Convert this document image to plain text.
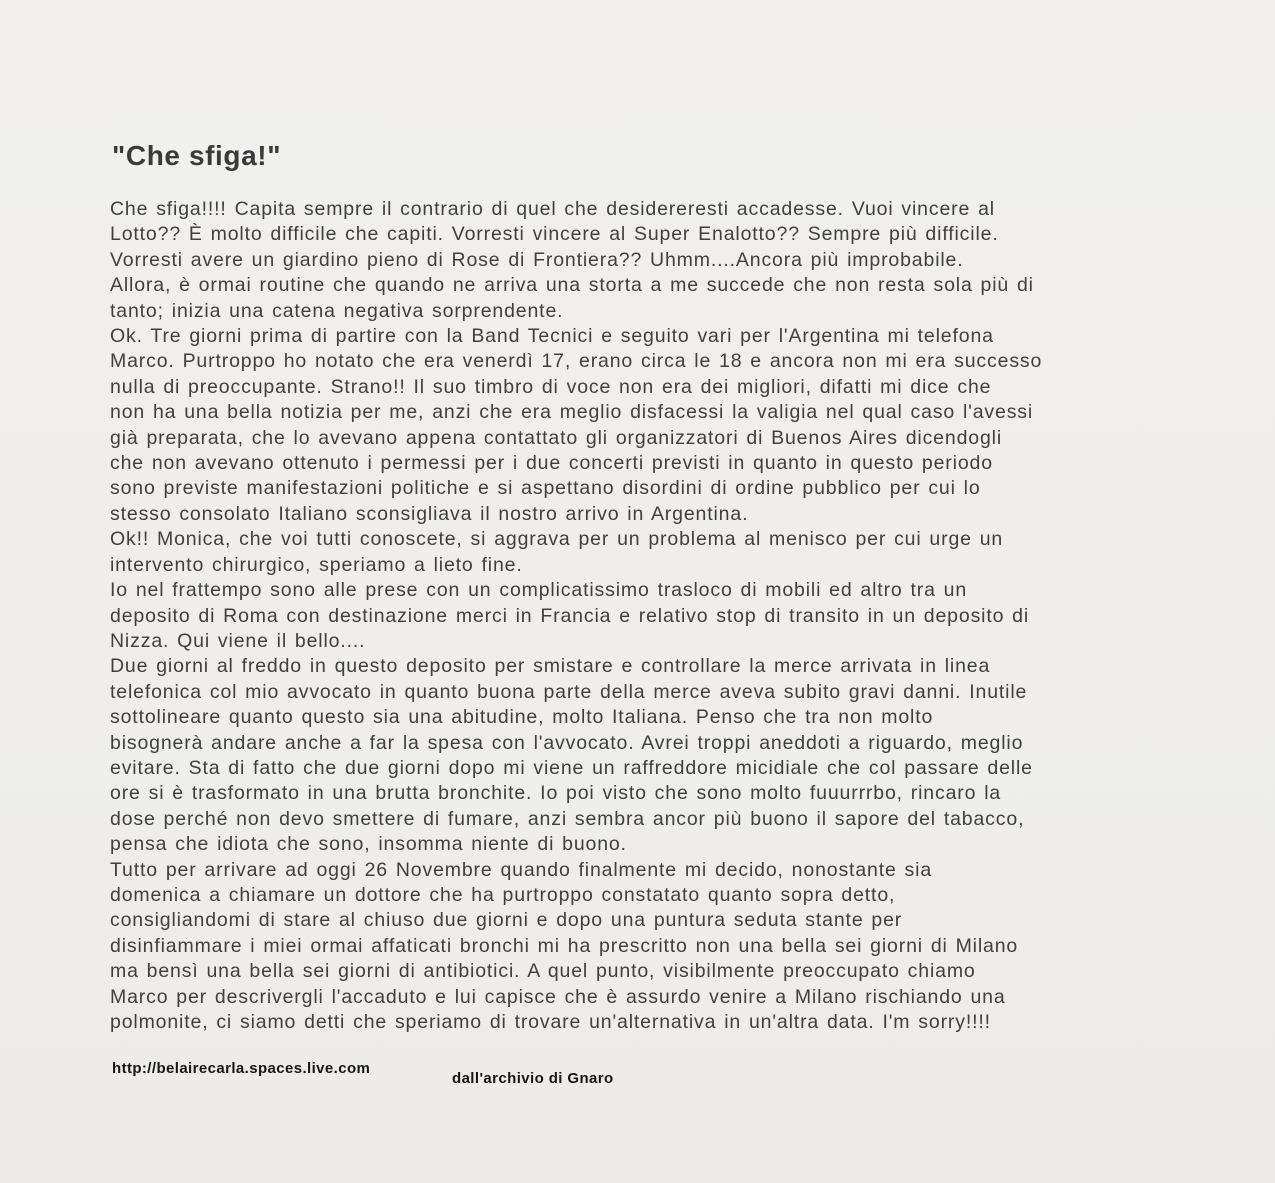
"Che sfiga!"
Che sfiga!!!! Capita sempre il contrario di quel che desidereresti accadesse. Vuoi vincere al
Lotto?? È molto difficile che capiti. Vorresti vincere al Super Enalotto?? Sempre più difficile.
Vorresti avere un giardino pieno di Rose di Frontiera?? Uhmm....Ancora più improbabile.
Allora, è ormai routine che quando ne arriva una storta a me succede che non resta sola più di
tanto; inizia una catena negativa sorprendente.
Ok. Tre giorni prima di partire con la Band Tecnici e seguito vari per l'Argentina mi telefona
Marco. Purtroppo ho notato che era venerdì 17, erano circa le 18 e ancora non mi era successo
nulla di preoccupante. Strano!! Il suo timbro di voce non era dei migliori, difatti mi dice che
non ha una bella notizia per me, anzi che era meglio disfacessi la valigia nel qual caso l'avessi
già preparata, che lo avevano appena contattato gli organizzatori di Buenos Aires dicendogli
che non avevano ottenuto i permessi per i due concerti previsti in quanto in questo periodo
sono previste manifestazioni politiche e si aspettano disordini di ordine pubblico per cui lo
stesso consolato Italiano sconsigliava il nostro arrivo in Argentina.
Ok!! Monica, che voi tutti conoscete, si aggrava per un problema al menisco per cui urge un
intervento chirurgico, speriamo a lieto fine.
Io nel frattempo sono alle prese con un complicatissimo trasloco di mobili ed altro tra un
deposito di Roma con destinazione merci in Francia e relativo stop di transito in un deposito di
Nizza. Qui viene il bello....
Due giorni al freddo in questo deposito per smistare e controllare la merce arrivata in linea
telefonica col mio avvocato in quanto buona parte della merce aveva subito gravi danni. Inutile
sottolineare quanto questo sia una abitudine, molto Italiana. Penso che tra non molto
bisognerà andare anche a far la spesa con l'avvocato. Avrei troppi aneddoti a riguardo, meglio
evitare. Sta di fatto che due giorni dopo mi viene un raffreddore micidiale che col passare delle
ore si è trasformato in una brutta bronchite. Io poi visto che sono molto fuuurrrbo, rincaro la
dose perché non devo smettere di fumare, anzi sembra ancor più buono il sapore del tabacco,
pensa che idiota che sono, insomma niente di buono.
Tutto per arrivare ad oggi 26 Novembre quando finalmente mi decido, nonostante sia
domenica a chiamare un dottore che ha purtroppo constatato quanto sopra detto,
consigliandomi di stare al chiuso due giorni e dopo una puntura seduta stante per
disinfiammare i miei ormai affaticati bronchi mi ha prescritto non una bella sei giorni di Milano
ma bensì una bella sei giorni di antibiotici. A quel punto, visibilmente preoccupato chiamo
Marco per descrivergli l'accaduto e lui capisce che è assurdo venire a Milano rischiando una
polmonite, ci siamo detti che speriamo di trovare un'alternativa in un'altra data. I'm sorry!!!!
http://belairecarla.spaces.live.com
dall'archivio di Gnaro
